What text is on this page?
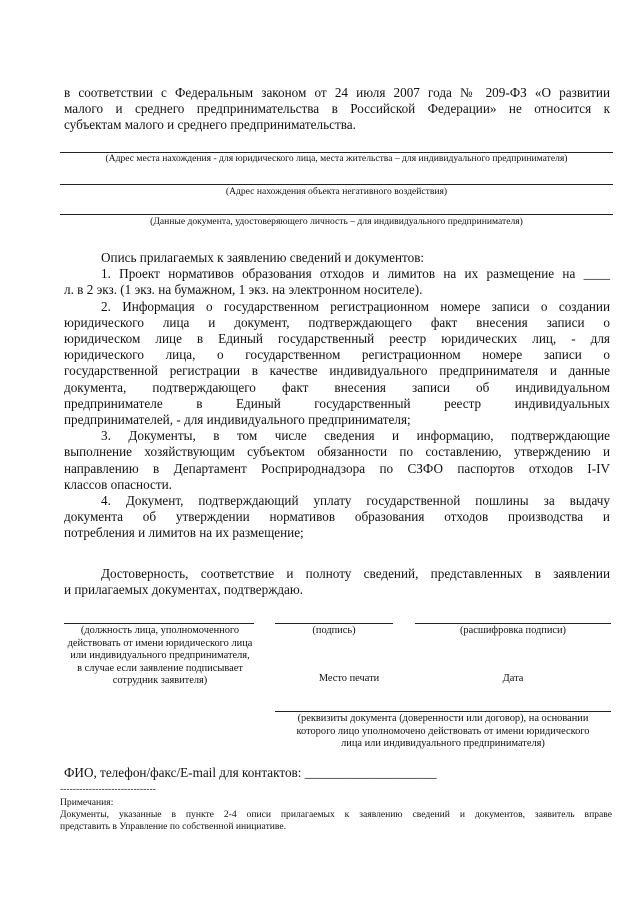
в соответствии с Федеральным законом от 24 июля 2007 года № 209-ФЗ «О развитии
малого и среднего предпринимательства в Российской Федерации» не относится к
субъектам малого и среднего предпринимательства.
(Адрес места нахождения - для юридического лица, места жительства – для индивидуального предпринимателя)
(Адрес нахождения объекта негативного воздействия)
(Данные документа, удостоверяющего личность – для индивидуального предпринимателя)
Опись прилагаемых к заявлению сведений и документов:
1. Проект нормативов образования отходов и лимитов на их размещение на ____
л. в 2 экз. (1 экз. на бумажном, 1 экз. на электронном носителе).
2. Информация о государственном регистрационном номере записи о создании
юридического лица и документ, подтверждающего факт внесения записи о
юридическом лице в Единый государственный реестр юридических лиц, - для
юридического лица, о государственном регистрационном номере записи о
государственной регистрации в качестве индивидуального предпринимателя и данные
документа, подтверждающего факт внесения записи об индивидуальном
предпринимателе в Единый государственный реестр индивидуальных
предпринимателей, - для индивидуального предпринимателя;
3. Документы, в том числе сведения и информацию, подтверждающие
выполнение хозяйствующим субъектом обязанности по составлению, утверждению и
направлению в Департамент Росприроднадзора по СЗФО паспортов отходов I-IV
классов опасности.
4. Документ, подтверждающий уплату государственной пошлины за выдачу
документа об утверждении нормативов образования отходов производства и
потребления и лимитов на их размещение;
Достоверность, соответствие и полноту сведений, представленных в заявлении
и прилагаемых документах, подтверждаю.
(должность лица, уполномоченного
действовать от имени юридического лица
или индивидуального предпринимателя,
в случае если заявление подписывает
сотрудник заявителя)
(подпись)	(расшифровка подписи)
Место печати	Дата
(реквизиты документа (доверенности или договор), на основании
которого лицо уполномочено действовать от имени юридического
лица или индивидуального предпринимателя)
ФИО, телефон/факс/E-mail для контактов: ____________________
------------------------------
Примечания:
Документы, указанные в пункте 2-4 описи прилагаемых к заявлению сведений и документов, заявитель вправе
представить в Управление по собственной инициативе.
